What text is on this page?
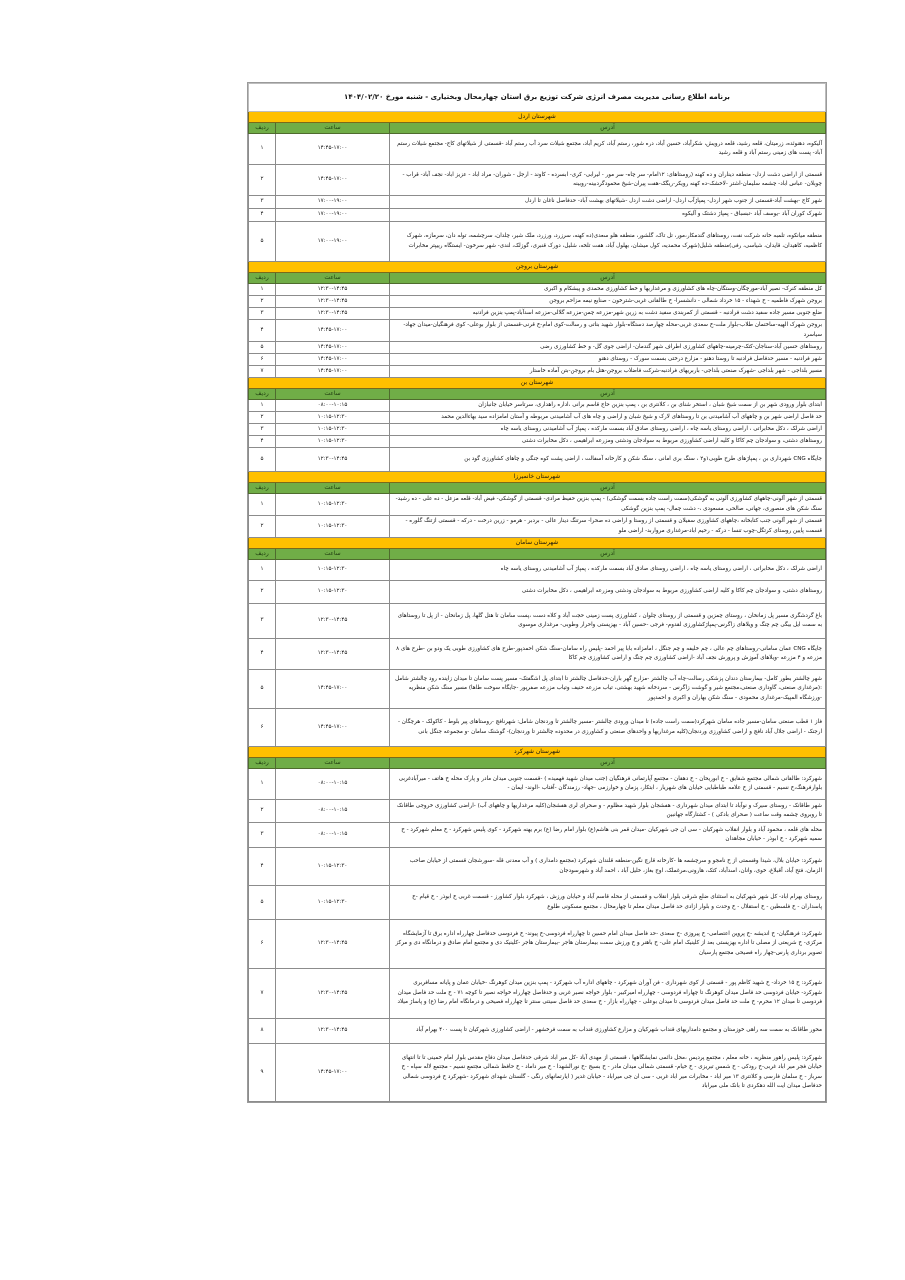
برنامه اطلاع رسانی مدیریت مصرف انرژی شرکت توزیع برق استان چهارمحال وبختیاری - شنبه مورخ ۱۴۰۴/۰۲/۲۰		
شهرستان اردل		
آدرس	ساعت	ردیف
آلیکوه، دهنوئده، زرمیتان، قلعه رشید، قلعه درویش، شکرآباد، حسین آباد، دره شور، رستم آباد، کریم آباد، مجتمع شیلات سرد آب رستم آباد -قسمتی از شیلاتهای کاج- مجتمع شیلات رستم آباد- پست های زمینی رستم آباد و قلعه رشید	۱۴:۴۵-۱۷:۰۰	۱
قسمتی از اراضی دشت اردل- منطقه دیناران و ده کهنه (روستاهای: ۱۲امام- سر چاه- سر مور - لیرابی- کری- ابسرده - کاوند - ارجل - شوران- مراد اباد - عزیز اباد- نجف آباد- قراب - چوبلان- عباس اباد- چشمه سلیمان-اشتر -لاخشک-ده کهنه رویکر-ریگک-هفت پیران-شیخ محمودگردبینه-روبینه	۱۴:۴۵-۱۷:۰۰	۲
شهر کاج -بهشت آباد-قسمتی از جنوب شهر اردل- پمپاژآب اردل- اراضی دشت اردل -شیلاتهای بهشت آباد- حدفاصل ناغان تا اردل	۱۷:۰۰-۱۹:۰۰	۳
شهرک کوران آباد -یوسف آباد -تبسباق - پمپاژ دشتک و آلیکوه	۱۷:۰۰-۱۹:۰۰	۴
منطقه میانکوه، تلمبه خانه شرکت نفت، روستاهای گندمکار،مور، تل تاک، گلشور، منطقه هلو سعدی(ده کهنه، سرزرد، ورزرد، ملک شیر، چلدان، سرچشمه، توله دان، سرمازه، شهرک کاظمیه، کاهیدان، قایدان، شیاسی، رفی)منطقه شلیل(شهرک محمدیه، کول میشان، بهلول آباد، هفت تلخه، شلیل، دورک قنبری، گوزلک، لندی- شهر سرخون- ایستگاه رییپتر مخابرات	۱۷:۰۰-۱۹:۰۰	۵
شهرستان بروجن		
آدرس	ساعت	ردیف
کل منطقه کنرک- نصیر آباد-مورچگان-وستگان-چاه های کشاورزی و مرغداریها و خط کشاورزی محمدی و پیشکام و اکبری	۱۲:۳۰-۱۴:۴۵	۱
بروجن شهرک فاطمیه - خ شهداء - ۱۵ خرداد شمالی - دانشسرا- خ طالقانی غربی-شترخون - صنایع نیمه مزاحم بروجن	۱۲:۳۰-۱۴:۴۵	۲
ضلع جنوبی مسیر جاده سفید دشت فرادنبه - قسمتی از کمربندی سفید دشت به زرین شهر-مزرعه چمن-مزرعه گلالی-مزرعه اسدآباد-پمپ بنزین فرادنبه	۱۲:۳۰-۱۴:۴۵	۳
بروجن شهرک الهیه-ساختمان طلاب-بلوار ملت-خ سعدی غربی-محله چهارصد دستگاه-بلوار شهید بناتی و رسالت-کوی امام-خ قرنی-قسمتی از بلوار بوعلی- کوی فرهنگیان-میدان جهاد- سیاسرد	۱۴:۴۵-۱۷:۰۰	۴
روستاهای حسین آباد-سناجان-کتک-چرمینه-چاههای کشاورزی اطراف شهر گندمان- اراضی جوی گل- و خط کشاورزی رضی	۱۴:۴۵-۱۷:۰۰	۵
شهر فرادنبه - مسیر حدفاصل فرادنبه تا روستا دهنو - مزارع درختی بسمت سورک - روستای دهنو	۱۴:۴۵-۱۷:۰۰	۶
مسیر بلداجی - شهر بلداجی -شهرک صنعتی بلداجی- باربریهای فرادنبه-شرکت فاضلاب بروجن-هتل بام بروجن-بتن آماده خاستار	۱۴:۴۵-۱۷:۰۰	۷
شهرستان بن		
آدرس	ساعت	ردیف
ابتدای بلوار ورودی شهر بن از سمت شیخ شبان ، استخر شنای بن ، کلانتری بن ، پمپ بنزین حاج قاسم برانی ،اداره راهداری، سرتاسر خیابان جانبازان	۰۸:۰۰-۱۰:۱۵	۱
حد فاصل اراضی شهر بن و چاههای آب آشامیدنی بن تا روستاهای لارک و شیخ شبان و اراضی و چاه های آب آشامیدنی مربوطه و آستان امامزاده سید بهاءالدین محمد	۱۰:۱۵-۱۲:۳۰	۲
اراضی شرلک ، دکل مخابراتی ، اراضی روستای یاسه چاه ، اراضی روستای صادق آباد بسمت مارکده ، پمپاژ آب آشامیدنی روستای یاسه چاه	۱۰:۱۵-۱۲:۳۰	۳
روستاهای دشتی، و سوادجان چم کاکا و کلیه اراضی کشاورزی مربوط به سوادجان ودشتی ومزرعه ابراهیمی ، دکل مخابرات دشتی	۱۰:۱۵-۱۲:۳۰	۴
جایگاه CNG شهرداری بن ، پمپاژهای طرح طوبی۱و۲ ، سنگ بری امانی ، سنگ شکن و کارخانه آسفالت ، اراضی پشت کوه جنگی و چاهای کشاورزی گود بن	۱۲:۳۰-۱۴:۴۵	۵
شهرستان خانمیرزا		
آدرس	ساعت	ردیف
قسمتی از شهر آلونی-چاههای کشاورزی آلونی به گوشکی(سمت راست جاده بسمت گوشکی) - پمپ بنزین حفیظ مرادی- قسمتی از گوشکی- فیض آباد- قلعه مزعل - ده علی - ده رشید- سنگ شکن های منصوری، جهانی، صالحی، مسعودی ،- دشت چمال- پمپ بنزین گوشکی	۱۰:۱۵-۱۲:۳۰	۱
قسمتی از شهر آلونی جنب کتابخانه ،چاههای کشاورزی سفیلان و قسمتی از روستا و اراضی ده صحرا- سرتنگ دینار عالی - بردبر - هرمو - زرین درخت - درکه - قسمتی ازتنگ گلوره - قسمت پایین روستای کرتگل-چوب تنسا - درکه - رحیم اباد-مرغداری مرواربد- اراضی ملو	۱۰:۱۵-۱۲:۳۰	۲
شهرستان سامان		
آدرس	ساعت	ردیف
اراضی شرلک ، دکل مخابراتی ، اراضی روستای یاسه چاه ، اراضی روستای صادق آباد بسمت مارکده ، پمپاژ آب آشامیدنی روستای یاسه چاه	۱۰:۱۵-۱۲:۳۰	۱
روستاهای دشتی، و سوادجان چم کاکا و کلیه اراضی کشاورزی مربوط به سوادجان ودشتی ومزرعه ابراهیمی ، دکل مخابرات دشتی	۱۰:۱۵-۱۲:۳۰	۲
باغ گردشگری مسیر پل زمانخان ، روستای چمزین و قسمتی از روستای چلوان ، کشاورزی پست زمینی حجت آباد و کلاه دست ،پست سامان تا هتل گلها، پل زمانخان - از پل تا روستاهای به سمت ایل بیگی چم چنگ و ویلاهای زاگرس-پمپاژکشاورزی لقدوم- فرجی -حسین آباد - بهزیستی واحرار وطوبی- مرغداری موسوی	۱۲:۳۰-۱۴:۴۵	۳
جایگاه CNG عمان سامانی-روستاهای چم عالی ، چم خلیفه و چم جنگل ، امامزاده بابا پیر احمد -پلیس راه سامان-سنگ شکن احمدپور-طرح های کشاورزی طوبی یک ودو بن -طرح های ۸ مزرعه و ۴ مزرعه -ویلاهای آموزش و پرورش نجف آباد -اراضی کشاورزی چم چنگ و اراضی کشاورزی چم کاکا	۱۲:۳۰-۱۴:۴۵	۴
شهر چالشتر بطور کامل- بیمارستان دندان پزشکی رسالت-چاه آب چالشتر -مزارع گهر باران-حدفاصل چالشتر تا ابتدای پل اشگفتک- مسیر پست سامان تا میدان زاینده رود چالشتر شامل :(مرغداری صنعتی، گاوداری صنعتی،مجتمع شیر و گوشت زاگرس - سردخانه شهید بهشتی، تیاب مزرعه حنیف وتیاب مزرعه صفرپور -جایگاه سوخت طاها) مسیر سنگ شکن منظریه -ورزشگاه المپیک-مرغداری محمودی - سنگ شکن بهاران و اکبری و احمدپور	۱۴:۴۵-۱۷:۰۰	۵
فاز ۱ قطب صنعتی سامان-مسیر جاده سامان شهرکرد(سمت راست جاده) تا میدان ورودی چالشتر -مسیر چالشتر تا وردنجان شامل: شهرنافچ -روستاهای پیر بلوط - کاکولک - هرچگان - ارجنک - اراضی جلال آباد نافچ و اراضی کشاورزی وردنجان(کلیه مرغداریها و واحدهای صنعتی و کشاورزی در محدوده چالشتر تا وردنجان)- گوشنک سامان -و مجموعه جنگل بانی	۱۴:۴۵-۱۷:۰۰	۶
شهرستان شهرکرد		
آدرس	ساعت	ردیف
شهرکرد: طالقانی شمالی مجتمع شقایق - خ ابوریحان - خ دهقان - مجتمع آپارتمانی فرهنگیان (جنب میدان شهید فهمیده ) -قسمت جنوبی میدان مادر و پارک محله خ هاتف - میرآبادغربی بلوارفرهنگ،خ نسیم - قسمتی از خ علامه طباطبایی خیابان های شهریار ، ابتکار، پزمان و خوارزمی -جهاد- رزمندگان -آفتاب -الوند- ایمان -	۰۸:۰۰-۱۰:۱۵	۱
شهر طاقانک - روستای سیرک و نوآباد تا ابتدای میدان شهرداری - هفشجان بلوار شهید مظلوم - و صحرای لری هفشجان(کلیه مرغداریها و چاههای آب) -اراضی کشاورزی خروجی طاقانک تا روبروی چشمه وقت ساعت ( صحرای بادکی ) - کشتارگاه جهانبین	۰۸:۰۰-۱۰:۱۵	۲
محله های قلعه ، محمود آباد و بلوار انقلاب شهرکیان - سی ان جی شهرکیان -میدان قمر بنی هاشم(ع) بلوار امام رضا (ع) برم یهنه شهرکرد - کوی پلیس شهرکرد - خ معلم شهرکرد - خ سمیه شهرکرد - خ ابوذر - خیابان مجاهدان	۰۸:۰۰-۱۰:۱۵	۳
شهرکرد: خیابان بلال، شیدا وقسمتی از خ نامجو و سرچشمه ها -کارخانه قارچ نگین-منطقه قلندان شهرکرد (مجتمع دامداری ) و آب معدنی قله -سورشجان قسمتی از خیابان صاحب الزمان، فتح آباد، آقبلاغ، خوی، وانان، اسدآباد، کتک، هارونی،مرغملک، اوج بغاز، خلیل آباد ، احمد آباد و شهرسودجان	۱۰:۱۵-۱۲:۳۰	۴
روستای بهرام اباد- کل شهر شهرکیان به استثنای ضلع شرقی بلوار انقلاب و قسمتی از محله قاسم آباد و خیابان ورزش ، شهرکرد بلوار کشاورز - قسمت غربی خ ابوذر - خ قیام -خ پاسداران - خ فلسطین - خ استقلال - خ وحدت و بلوار ازادی حد فاصل میدان معلم تا چهارمحال ، مجتمع مسکونی طلوع	۱۰:۱۵-۱۲:۳۰	۵
شهرکرد: فرهنگیان- خ اندیشه -خ پروین اعتصامی- خ پیروزی -خ سعدی -حد فاصل میدان امام حسین تا چهارراه فردوسی-خ پیوند- خ فردوسی حدفاصل چهارراه اداره برق تا آزمایشگاه مرکزی- خ شریعتی از مصلی تا اداره بهزیستی بعد از کلینیک امام علی- خ باهنر و خ ورزش سمت بیمارستان هاجر -بیمارستان هاجر -کلینیک دی و مجتمع امام صادق و درمانگاه دی و مرکز تصویر برداری پارس-چهار راه فصیحی مجتمع پارسیان	۱۲:۳۰-۱۴:۴۵	۶
شهرکرد: خ ۱۵ خرداد- خ شهید کاظم پور - قسمتی از کوی شهرداری - فن آوران شهرکرد - چاههای اداره آب شهرکرد - پمپ بنزین میدان کوهرنگ -خیابان عمان و پایانه مسافربری شهرکرد- خیابان فردوسی حد فاصل میدان کوهرنگ تا چهاراه فردوسی - چهارراه امیرکبیر - بلوار خواجه نصیر غربی و حدفاصل چهارراه خواجه نصیر تا کوچه ۷۱ - خ ملت حد فاصل میدان فردوسی تا میدان ۱۲ محرم- خ ملت حد فاصل میدان فردوسی تا میدان بوعلی - چهارراه بازار - خ سعدی حد فاصل سینتی سنتر تا چهارراه فصیحی و درمانگاه امام رضا (ع) و پاساژ میلاد	۱۲:۳۰-۱۴:۴۵	۷
محور طاقانک به سمت سه راهی خوزستان و مجتمع دامداریهای قنداب شهرکیان و مزارع کشاورزی قنداب به سمت فرخشهر - اراضی کشاورزی شهرکیان تا پست ۴۰۰ بهرام آباد	۱۲:۳۰-۱۴:۴۵	۸
شهرکرد: پلیس راهور منظریه ، خانه معلم ، مجتمع پردیس ،محل دائمی نمایشگاهها ، قسمتی از مهدی آباد -کل میر اباد شرقی حدفاصل میدان دفاع مقدس بلوار امام خمینی تا تا انتهای خیابان فجر میر اباد غربی-خ رودکی - خ شمس تبریزی - خ خیام- قسمتی شمالی میدان مادر - خ بسیج -خ نورالشهدا - خ میر داماد - خ حافظ شمالی مجتمع نسیم - مجتمع لاله سپاه - خ سرباز - خ سلمان فارسی و کلانتری ۱۳ میر اباد - مخابرات میر اباد غربی - سی ان جی میراباد - خیابان غدیر ( ایارتمانهای رنگی - گلستان شهدای شهرکرد -شهرکرد خ فردوسی شمالی حدفاصل میدان ایت الله دهکردی تا بانک ملی میراباد	۱۴:۴۵-۱۷:۰۰	۹
